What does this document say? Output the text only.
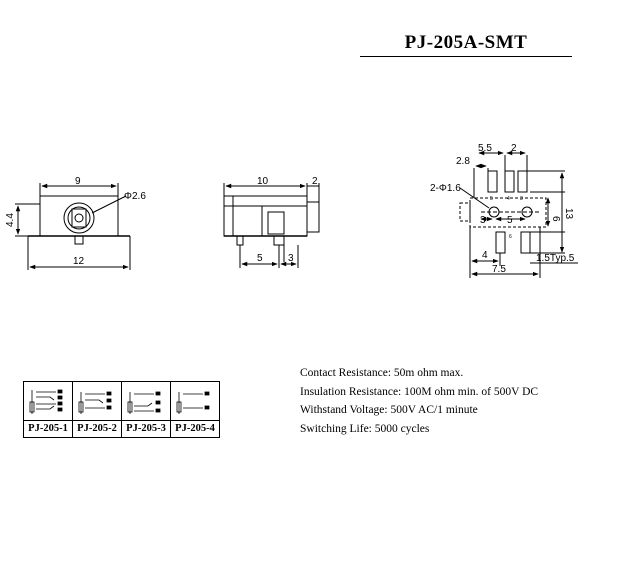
PJ-205A-SMT
9
12
4.4
Φ2.6
10	2
5	3
5.5 2
2.8
2-Φ1.6
3 5	6 13
4
7.5
1.5Typ.5
5	4 3
6

PJ-205-1	PJ-205-2	PJ-205-3	PJ-205-4
Contact Resistance: 50m ohm max.
Insulation Resistance: 100M ohm min. of 500V DC
Withstand Voltage: 500V AC/1 minute
Switching Life: 5000 cycles
